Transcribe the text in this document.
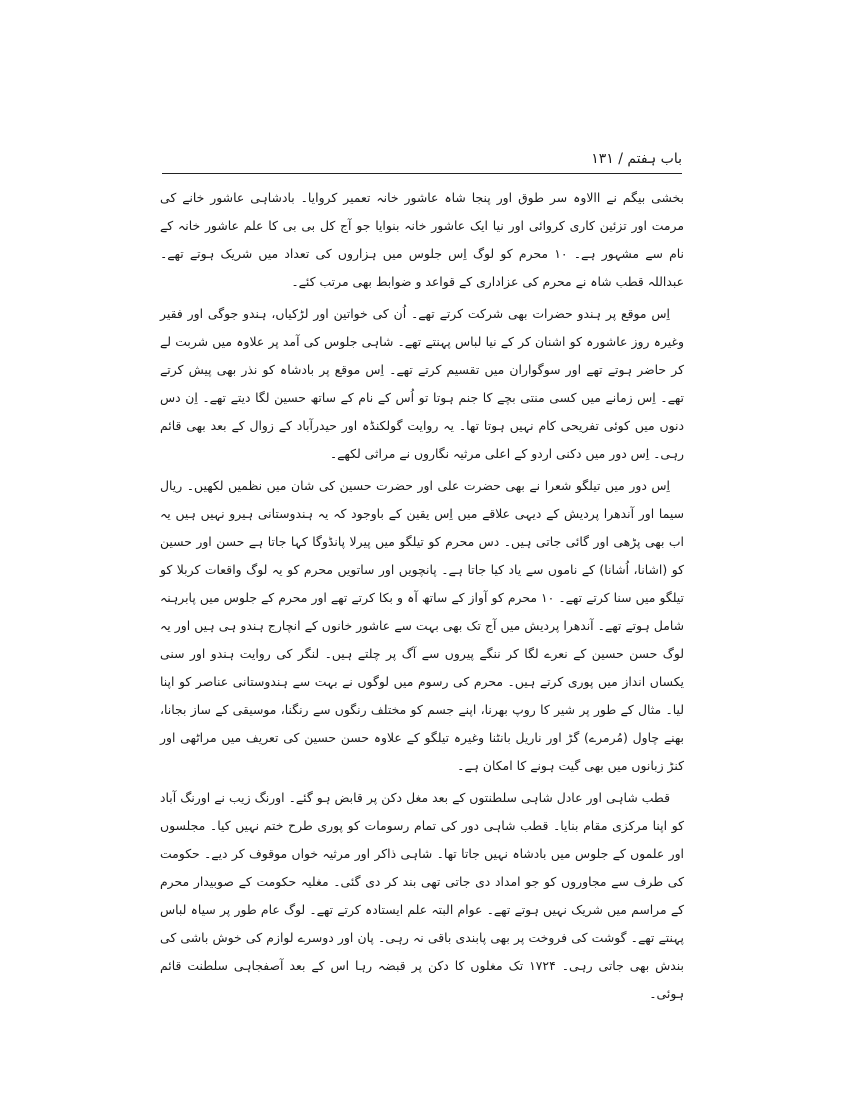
باب ہفتم / ۱۳۱

بخشی بیگم نے االاوہ سر طوق اور پنجا شاہ عاشور خانہ تعمیر کروایا۔ بادشاہی عاشور خانے کی مرمت اور تزئین کاری کروائی اور نیا ایک عاشور خانہ بنوایا جو آج کل بی بی کا علم عاشور خانہ کے نام سے مشہور ہے۔ ۱۰ محرم کو لوگ اِس جلوس میں ہزاروں کی تعداد میں شریک ہوتے تھے۔ عبداللہ قطب شاہ نے محرم کی عزاداری کے قواعد و ضوابط بھی مرتب کئے۔

اِس موقع پر ہندو حضرات بھی شرکت کرتے تھے۔ اُن کی خواتین اور لڑکیاں، ہندو جوگی اور فقیر وغیرہ روز عاشورہ کو اشنان کر کے نیا لباس پہنتے تھے۔ شاہی جلوس کی آمد پر علاوہ میں شربت لے کر حاضر ہوتے تھے اور سوگواران میں تقسیم کرتے تھے۔ اِس موقع پر بادشاہ کو نذر بھی پیش کرتے تھے۔ اِس زمانے میں کسی منتی بچے کا جنم ہوتا تو اُس کے نام کے ساتھ حسین لگا دیتے تھے۔ اِن دس دنوں میں کوئی تفریحی کام نہیں ہوتا تھا۔ یہ روایت گولکنڈہ اور حیدرآباد کے زوال کے بعد بھی قائم رہی۔ اِس دور میں دکنی اردو کے اعلی مرثیہ نگاروں نے مراثی لکھے۔

اِس دور میں تیلگو شعرا نے بھی حضرت علی اور حضرت حسین کی شان میں نظمیں لکھیں۔ ریال سیما اور آندھرا پردیش کے دیہی علاقے میں اِس یقین کے باوجود کہ یہ ہندوستانی ہیرو نہیں ہیں یہ اب بھی پڑھی اور گائی جاتی ہیں۔ دس محرم کو تیلگو میں پیرلا پانڈوگا کہا جاتا ہے حسن اور حسین کو (اشانا، اُشانا) کے ناموں سے یاد کیا جاتا ہے۔ پانچویں اور ساتویں محرم کو یہ لوگ واقعات کربلا کو تیلگو میں سنا کرتے تھے۔ ۱۰ محرم کو آواز کے ساتھ آہ و بکا کرتے تھے اور محرم کے جلوس میں پابرہنہ شامل ہوتے تھے۔ آندھرا پردیش میں آج تک بھی بہت سے عاشور خانوں کے انچارج ہندو ہی ہیں اور یہ لوگ حسن حسین کے نعرے لگا کر ننگے پیروں سے آگ پر چلتے ہیں۔ لنگر کی روایت ہندو اور سنی یکساں انداز میں پوری کرتے ہیں۔ محرم کی رسوم میں لوگوں نے بہت سے ہندوستانی عناصر کو اپنا لیا۔ مثال کے طور پر شیر کا روپ بھرنا، اپنے جسم کو مختلف رنگوں سے رنگنا، موسیقی کے ساز بجانا، بھنے چاول (مُرمرے) گڑ اور ناریل بانٹنا وغیرہ تیلگو کے علاوہ حسن حسین کی تعریف میں مراٹھی اور کنڑ زبانوں میں بھی گیت ہونے کا امکان ہے۔

قطب شاہی اور عادل شاہی سلطنتوں کے بعد مغل دکن پر قابض ہو گئے۔ اورنگ زیب نے اورنگ آباد کو اپنا مرکزی مقام بنایا۔ قطب شاہی دور کی تمام رسومات کو پوری طرح ختم نہیں کیا۔ مجلسوں اور علموں کے جلوس میں بادشاہ نہیں جاتا تھا۔ شاہی ذاکر اور مرثیہ خواں موقوف کر دیے۔ حکومت کی طرف سے مجاوروں کو جو امداد دی جاتی تھی بند کر دی گئی۔ مغلیہ حکومت کے صوبیدار محرم کے مراسم میں شریک نہیں ہوتے تھے۔ عوام البتہ علم ایستادہ کرتے تھے۔ لوگ عام طور پر سیاہ لباس پہنتے تھے۔ گوشت کی فروخت پر بھی پابندی باقی نہ رہی۔ پان اور دوسرے لوازم کی خوش باشی کی بندش بھی جاتی رہی۔ ۱۷۲۴ تک مغلوں کا دکن پر قبضہ رہا اس کے بعد آصفجاہی سلطنت قائم ہوئی۔
